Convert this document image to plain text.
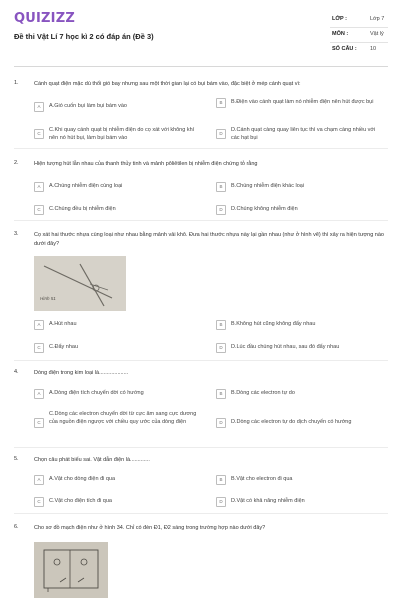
QUIZIZZ
Đề thi Vật Lí 7 học kì 2 có đáp án (Đề 3)
LỚP :	Lớp 7
MÔN :	Vật lý
SỐ CÂU : 10
1.	Cánh quạt điện mặc dù thổi gió bay nhưng sau một thời gian lại có bụi bám vào, đặc biệt ở mép cánh quạt vì:
A	A.Gió cuốn bụi làm bụi bám vào
B	B.Điện vào cánh quạt làm nó nhiễm điện nên hút được bụi
C
C.Khi quay cánh quạt bị nhiễm điện do cọ xát với không khí nên nó hút bụi, làm bụi bám vào
D
D.Cánh quạt càng quay liên tục thì va chạm càng nhiều với các hạt bụi
2.	Hiện tượng hút lẫn nhau của thanh thủy tinh và mảnh pôliêtilen bị nhiễm điện chứng tỏ rằng
A	A.Chúng nhiễm điện cùng loại	B	B.Chúng nhiễm điện khác loại
C	C.Chúng đều bị nhiễm điện	D	D.Chúng không nhiễm điện
3.	Cọ xát hai thước nhựa cùng loại như nhau bằng mảnh vải khô. Đưa hai thước nhựa này lại gần nhau (như ở hình vẽ) thì xảy ra hiện tượng nào dưới đây?
Hình 51
A	A.Hút nhau	B	B.Không hút cũng không đẩy nhau
C	C.Đẩy nhau	D	D.Lúc đầu chúng hút nhau, sau đó đẩy nhau
4.	Dòng điện trong kim loại là...................
A	A.Dòng điện tích chuyển dời có hướng	B	B.Dòng các electron tự do
C
C.Dòng các electron chuyển dời từ cực âm sang cực dương của nguồn điện ngược với chiều quy ước của dòng điện	D	D.Dòng các electron tự do dịch chuyển có hướng
5.	Chọn câu phát biểu sai. Vật dẫn điện là.............
A	A.Vật cho dòng điện đi qua	B	B.Vật cho electron đi qua
C	C.Vật cho điện tích đi qua	D	D.Vật có khả năng nhiễm điện
6.	Cho sơ đồ mạch điện như ở hình 34. Chỉ có đèn Đ1, Đ2 sáng trong trường hợp nào dưới đây?
